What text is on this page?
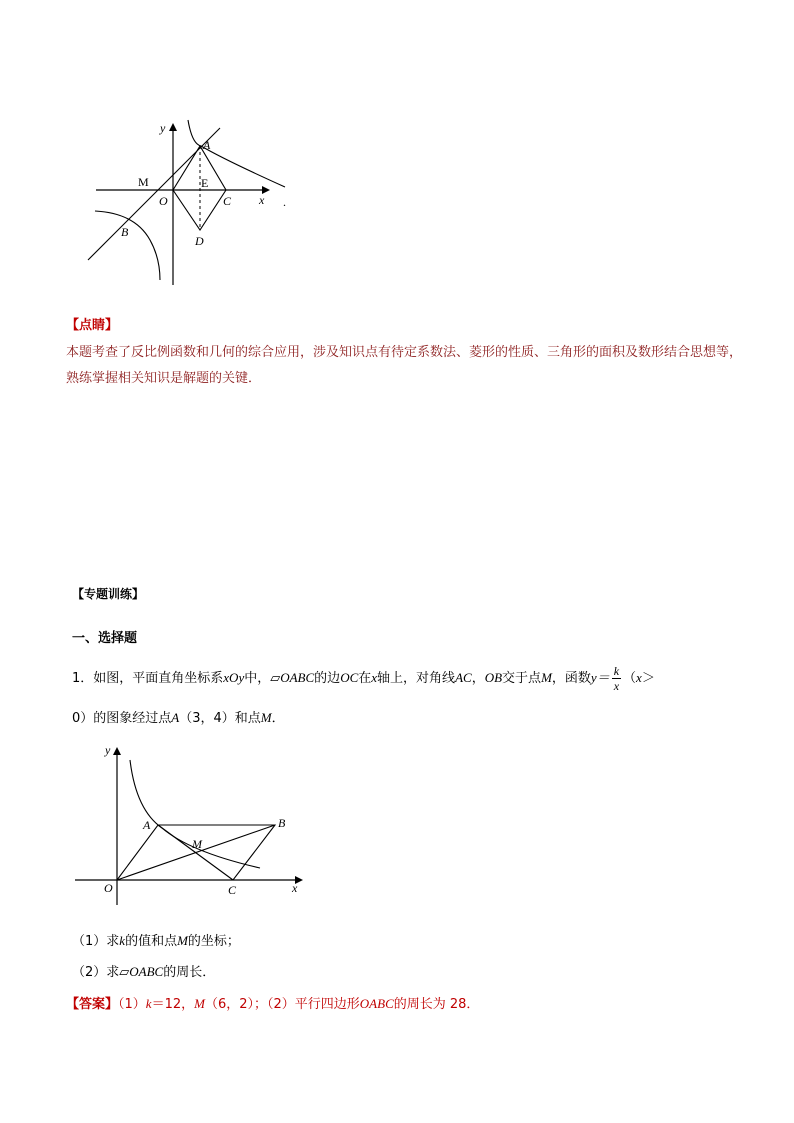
y
x
A
M	E
O	C
B
D
.
【点睛】
本题考查了反比例函数和几何的综合应用，涉及知识点有待定系数法、菱形的性质、三角形的面积及数形结合思想等，熟练掌握相关知识是解题的关键．
【专题训练】
一、选择题
1．如图，平面直角坐标系xOy中，▱OABC的边OC在x轴上，对角线AC，OB交于点M，函数$y= \frac{k}{x} (x>$
0）的图象经过点A（3，4）和点M．
y
x
A	B
M
O	C
（1）求k的值和点M的坐标；
（2）求▱OABC的周长．
【答案】（1）k＝12，M（6，2）；（2）平行四边形OABC的周长为 28．
